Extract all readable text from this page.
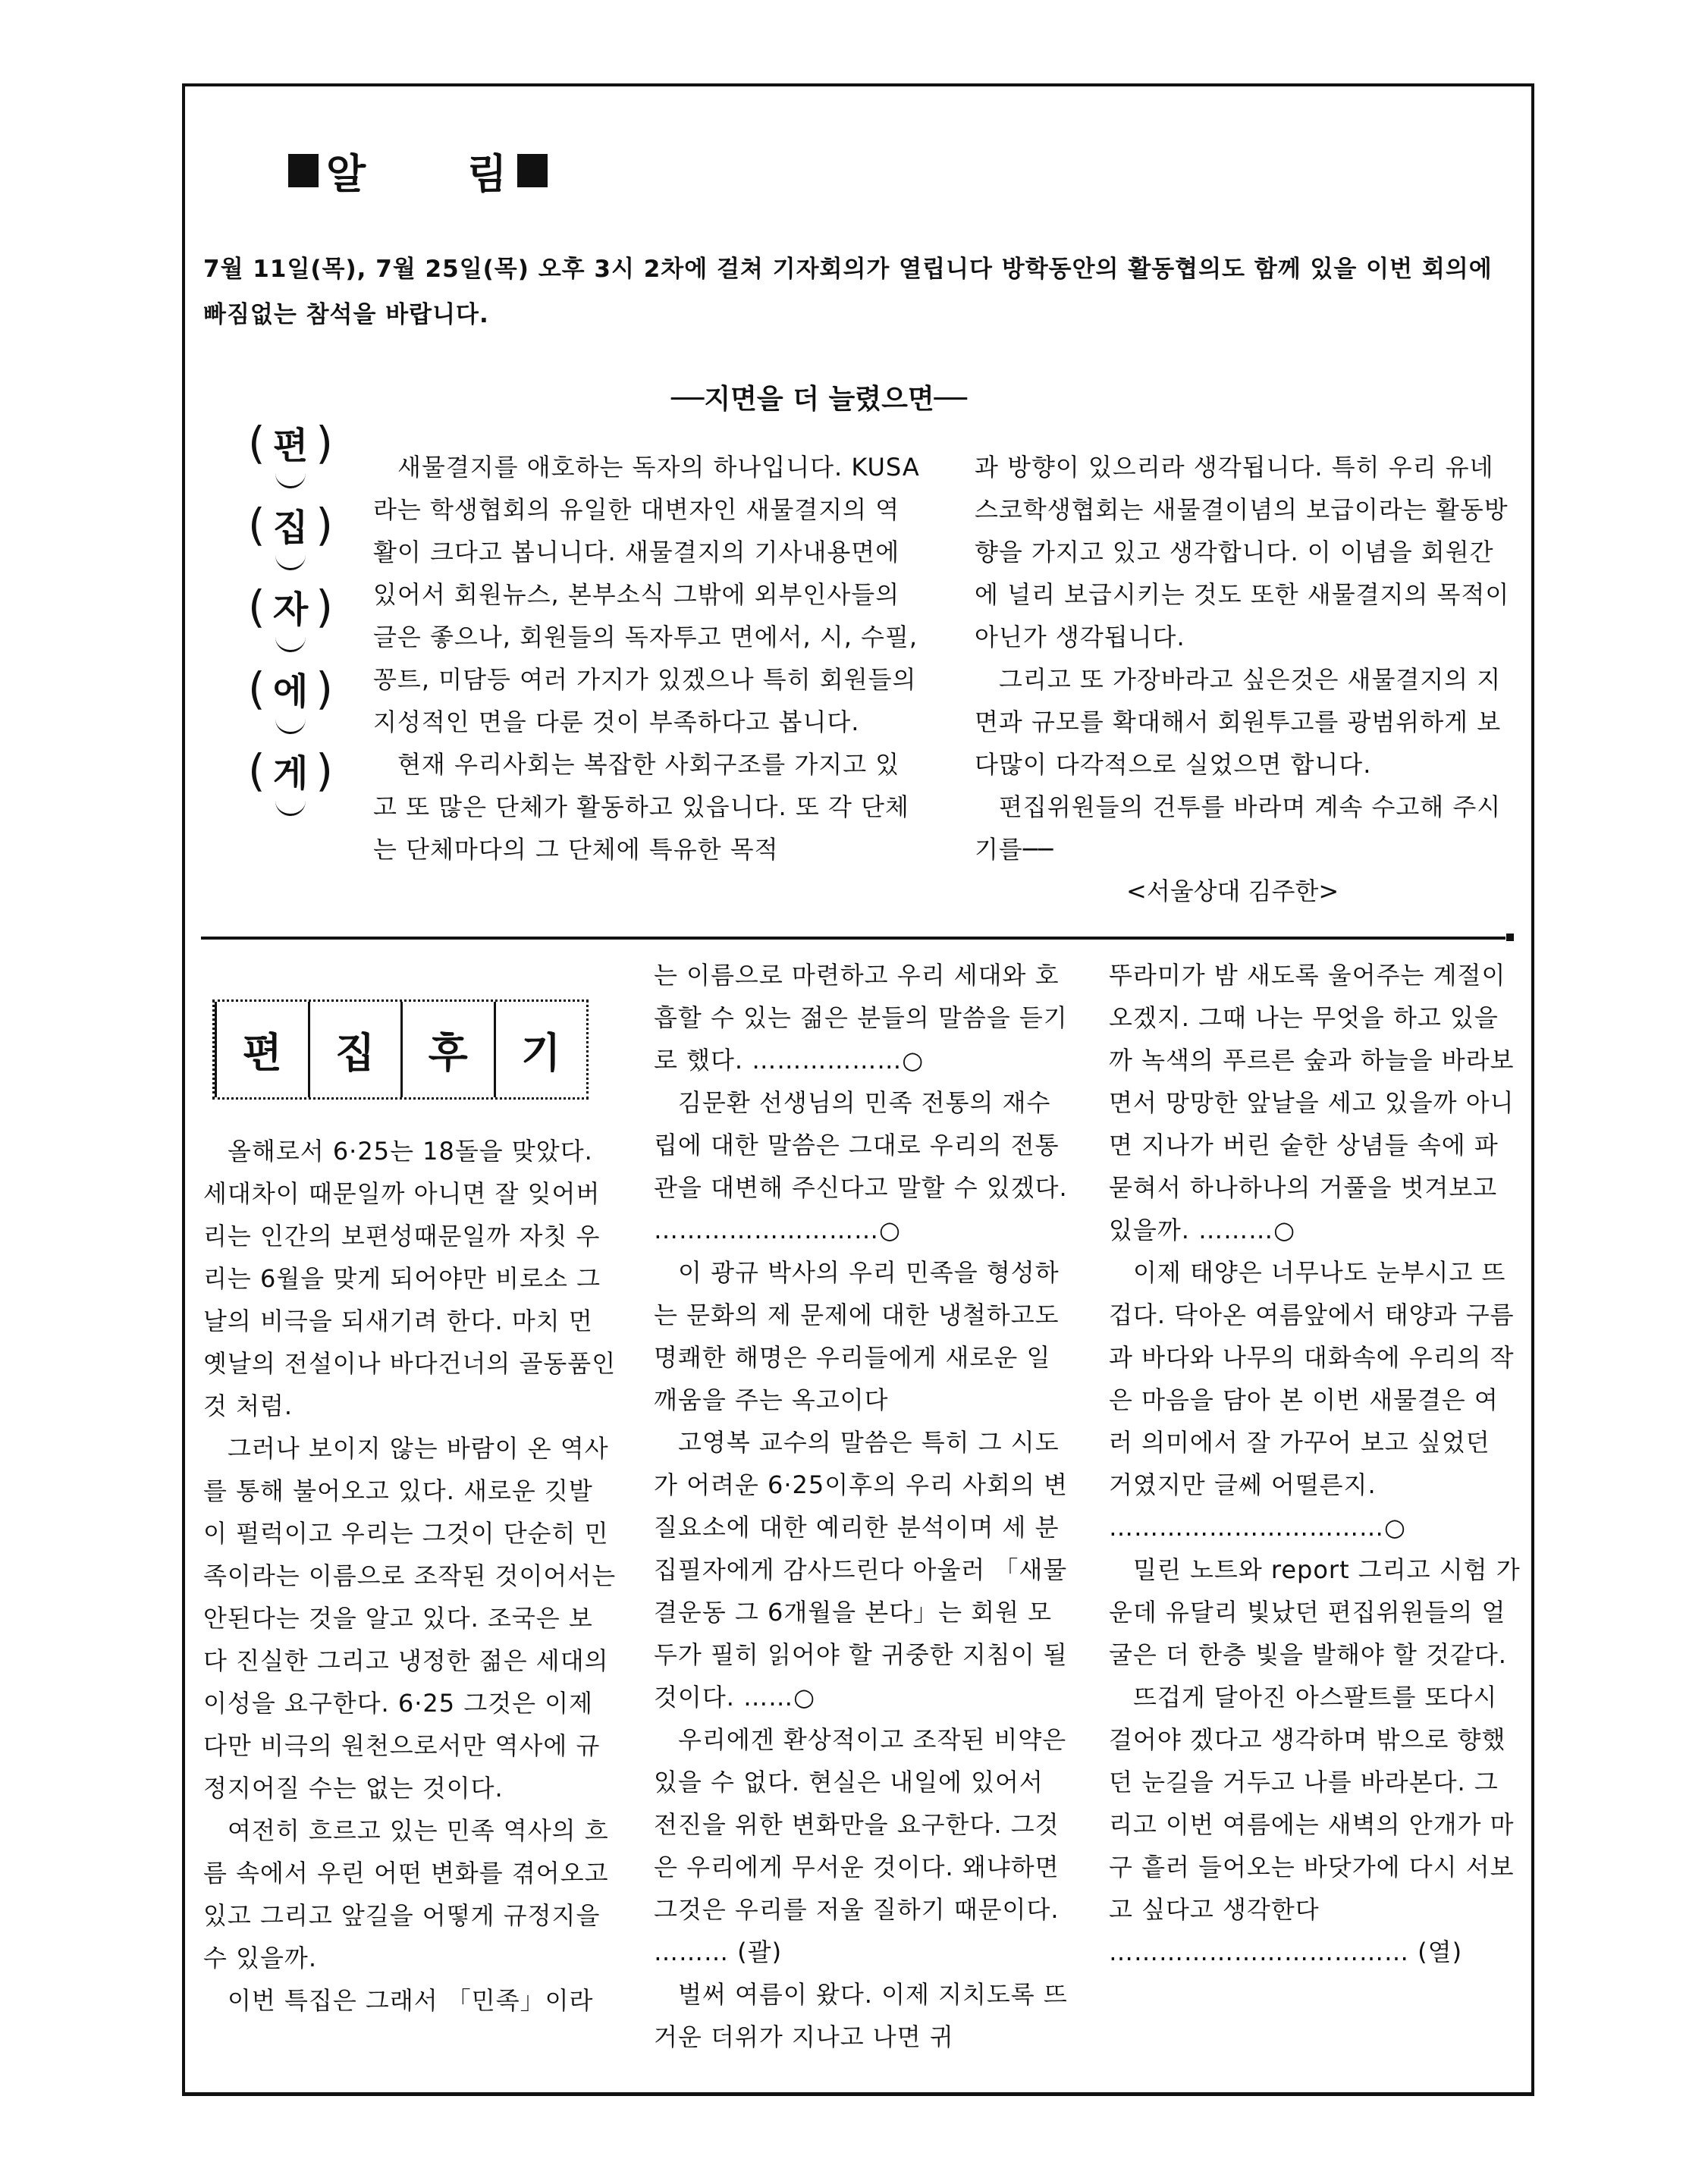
알 림
7월 11일(목), 7월 25일(목) 오후 3시 2차에 걸쳐 기자회의가 열립니다 방학동안의 활동협의도 함께 있을 이번 회의에 빠짐없는 참석을 바랍니다.
──지면을 더 늘렸으면──
( 편
)
( 집
)
( 자
)
( 에
)
( 게
)

새물결지를 애호하는 독자의 하나입니다. KUSA라는 학생협회의 유일한 대변자인 새물결지의 역활이 크다고 봅니니다. 새물결지의 기사내용면에 있어서 회원뉴스, 본부소식 그밖에 외부인사들의 글은 좋으나, 회원들의 독자투고 면에서, 시, 수필, 꽁트, 미담등 여러 가지가 있겠으나 특히 회원들의 지성적인 면을 다룬 것이 부족하다고 봅니다.

현재 우리사회는 복잡한 사회구조를 가지고 있고 또 많은 단체가 활동하고 있읍니다. 또 각 단체는 단체마다의 그 단체에 특유한 목적

과 방향이 있으리라 생각됩니다. 특히 우리 유네스코학생협회는 새물결이념의 보급이라는 활동방향을 가지고 있고 생각합니다. 이 이념을 회원간에 널리 보급시키는 것도 또한 새물결지의 목적이 아닌가 생각됩니다.

그리고 또 가장바라고 싶은것은 새물결지의 지면과 규모를 확대해서 회원투고를 광범위하게 보다많이 다각적으로 실었으면 합니다.

편집위원들의 건투를 바라며 계속 수고해 주시기를──

<서울상대 김주한>
편	집	후	기

올해로서 6·25는 18돌을 맞았다. 세대차이 때문일까 아니면 잘 잊어버리는 인간의 보편성때문일까 자칫 우리는 6월을 맞게 되어야만 비로소 그날의 비극을 되새기려 한다. 마치 먼 옛날의 전설이나 바다건너의 골동품인것 처럼.

그러나 보이지 않는 바람이 온 역사를 통해 불어오고 있다. 새로운 깃발이 펄럭이고 우리는 그것이 단순히 민족이라는 이름으로 조작된 것이어서는 안된다는 것을 알고 있다. 조국은 보다 진실한 그리고 냉정한 젊은 세대의 이성을 요구한다. 6·25 그것은 이제 다만 비극의 원천으로서만 역사에 규정지어질 수는 없는 것이다.

여전히 흐르고 있는 민족 역사의 흐름 속에서 우린 어떤 변화를 겪어오고 있고 그리고 앞길을 어떻게 규정지을수 있을까.

이번 특집은 그래서 「민족」이라

는 이름으로 마련하고 우리 세대와 호흡할 수 있는 젊은 분들의 말씀을 듣기로 했다. ………………○

김문환 선생님의 민족 전통의 재수립에 대한 말씀은 그대로 우리의 전통관을 대변해 주신다고 말할 수 있겠다. ………………………○

이 광규 박사의 우리 민족을 형성하는 문화의 제 문제에 대한 냉철하고도 명쾌한 해명은 우리들에게 새로운 일깨움을 주는 옥고이다

고영복 교수의 말씀은 특히 그 시도가 어려운 6·25이후의 우리 사회의 변질요소에 대한 예리한 분석이며 세 분 집필자에게 감사드린다 아울러 「새물결운동 그 6개월을 본다」는 회원 모두가 필히 읽어야 할 귀중한 지침이 될 것이다. ……○

우리에겐 환상적이고 조작된 비약은 있을 수 없다. 현실은 내일에 있어서 전진을 위한 변화만을 요구한다. 그것은 우리에게 무서운 것이다. 왜냐하면 그것은 우리를 저울 질하기 때문이다. ……… (괄)

벌써 여름이 왔다. 이제 지치도록 뜨거운 더위가 지나고 나면 귀

뚜라미가 밤 새도록 울어주는 계절이 오겠지. 그때 나는 무엇을 하고 있을까 녹색의 푸르른 숲과 하늘을 바라보면서 망망한 앞날을 세고 있을까 아니면 지나가 버린 숱한 상념들 속에 파묻혀서 하나하나의 거풀을 벗겨보고 있을까. ………○

이제 태양은 너무나도 눈부시고 뜨겁다. 닥아온 여름앞에서 태양과 구름과 바다와 나무의 대화속에 우리의 작은 마음을 담아 본 이번 새물결은 여러 의미에서 잘 가꾸어 보고 싶었던 거였지만 글쎄 어떨른지. ……………………………○

밀린 노트와 report 그리고 시험 가운데 유달리 빛났던 편집위원들의 얼굴은 더 한층 빛을 발해야 할 것같다.

뜨겁게 달아진 아스팔트를 또다시 걸어야 겠다고 생각하며 밖으로 향했던 눈길을 거두고 나를 바라본다. 그리고 이번 여름에는 새벽의 안개가 마구 흩러 들어오는 바닷가에 다시 서보고 싶다고 생각한다 ……………………………… (열)
